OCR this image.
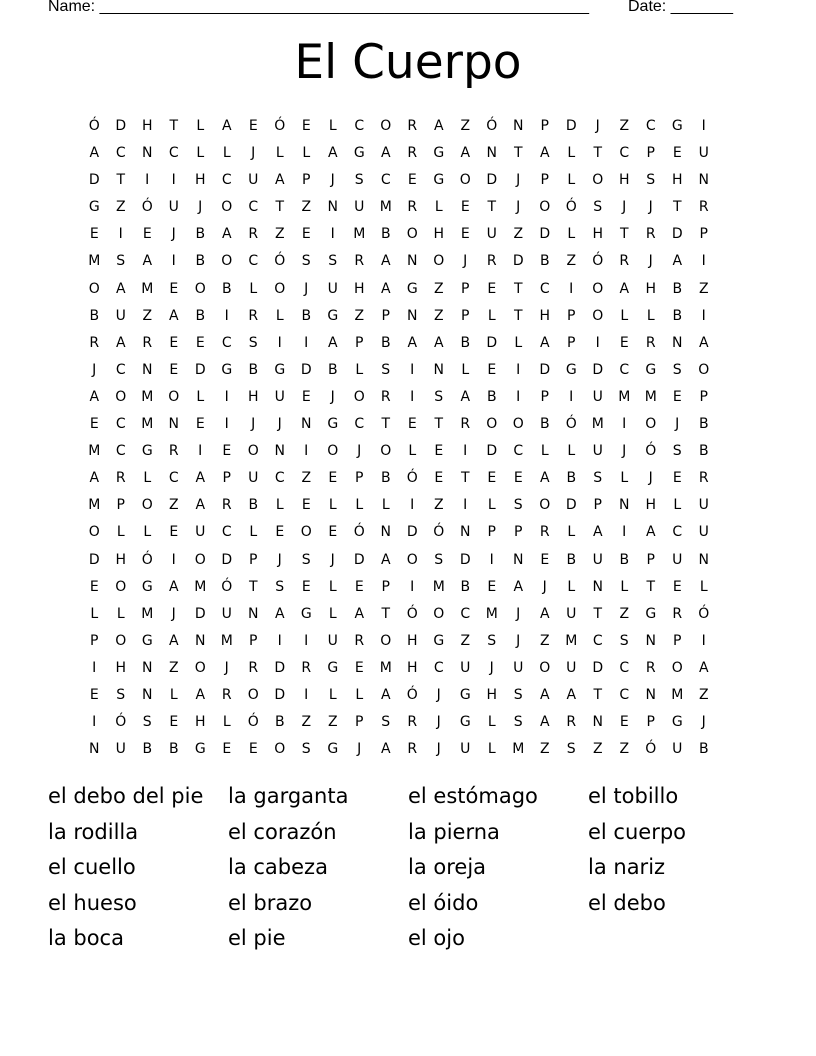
Name: _______________________________________________________ Date: _______
El Cuerpo
Ó	D	H	T	L	A	E	Ó	E	L	C	O	R	A	Z	Ó	N	P	D	J	Z	C	G	I
A	C	N	C	L	L	J	L	L	A	G	A	R	G	A	N	T	A	L	T	C	P	E	U
D	T	I	I	H	C	U	A	P	J	S	C	E	G	O	D	J	P	L	O	H	S	H	N
G	Z	Ó	U	J	O	C	T	Z	N	U	M	R	L	E	T	J	O	Ó	S	J	J	T	R
E	I	E	J	B	A	R	Z	E	I	M	B	O	H	E	U	Z	D	L	H	T	R	D	P
M	S	A	I	B	O	C	Ó	S	S	R	A	N	O	J	R	D	B	Z	Ó	R	J	A	I
O	A	M	E	O	B	L	O	J	U	H	A	G	Z	P	E	T	C	I	O	A	H	B	Z
B	U	Z	A	B	I	R	L	B	G	Z	P	N	Z	P	L	T	H	P	O	L	L	B	I
R	A	R	E	E	C	S	I	I	A	P	B	A	A	B	D	L	A	P	I	E	R	N	A
J	C	N	E	D	G	B	G	D	B	L	S	I	N	L	E	I	D	G	D	C	G	S	O
A	O	M	O	L	I	H	U	E	J	O	R	I	S	A	B	I	P	I	U	M	M	E	P
E	C	M	N	E	I	J	J	N	G	C	T	E	T	R	O	O	B	Ó	M	I	O	J	B
M	C	G	R	I	E	O	N	I	O	J	O	L	E	I	D	C	L	L	U	J	Ó	S	B
A	R	L	C	A	P	U	C	Z	E	P	B	Ó	E	T	E	E	A	B	S	L	J	E	R
M	P	O	Z	A	R	B	L	E	L	L	L	I	Z	I	L	S	O	D	P	N	H	L	U
O	L	L	E	U	C	L	E	O	E	Ó	N	D	Ó	N	P	P	R	L	A	I	A	C	U
D	H	Ó	I	O	D	P	J	S	J	D	A	O	S	D	I	N	E	B	U	B	P	U	N
E	O	G	A	M	Ó	T	S	E	L	E	P	I	M	B	E	A	J	L	N	L	T	E	L
L	L	M	J	D	U	N	A	G	L	A	T	Ó	O	C	M	J	A	U	T	Z	G	R	Ó
P	O	G	A	N	M	P	I	I	U	R	O	H	G	Z	S	J	Z	M	C	S	N	P	I
I	H	N	Z	O	J	R	D	R	G	E	M	H	C	U	J	U	O	U	D	C	R	O	A
E	S	N	L	A	R	O	D	I	L	L	A	Ó	J	G	H	S	A	A	T	C	N	M	Z
I	Ó	S	E	H	L	Ó	B	Z	Z	P	S	R	J	G	L	S	A	R	N	E	P	G	J
N	U	B	B	G	E	E	O	S	G	J	A	R	J	U	L	M	Z	S	Z	Z	Ó	U	B
el debo del pie	la garganta	el estómago	el tobillo
la rodilla	el corazón	la pierna	el cuerpo
el cuello	la cabeza	la oreja	la nariz
el hueso	el brazo	el óido	el debo
la boca	el pie	el ojo
